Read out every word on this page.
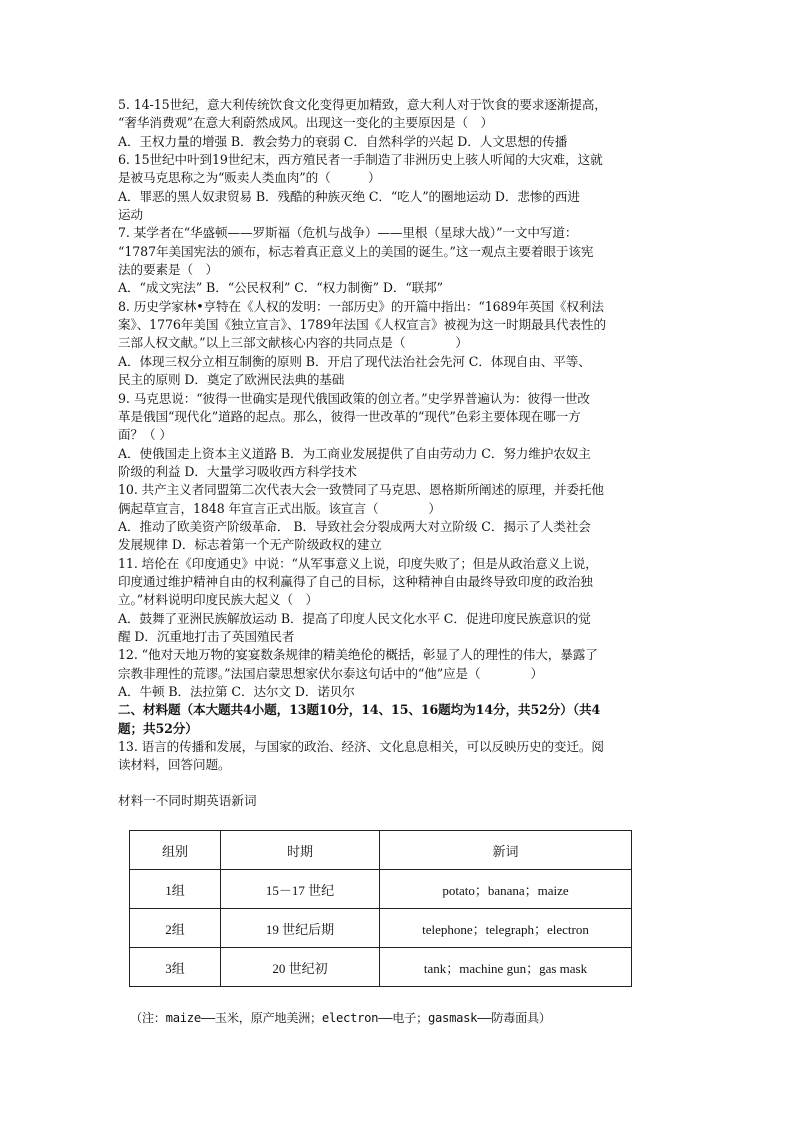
5. 14-15世纪，意大利传统饮食文化变得更加精致，意大利人对于饮食的要求逐渐提高，
“奢华消费观”在意大利蔚然成风。出现这一变化的主要原因是（　）
A．王权力量的增强 B．教会势力的衰弱 C．自然科学的兴起 D．人文思想的传播
6. 15世纪中叶到19世纪末，西方殖民者一手制造了非洲历史上骇人听闻的大灾难，这就
是被马克思称之为“贩卖人类血肉”的（　　　）
A．罪恶的黑人奴隶贸易 B．残酷的种族灭绝 C．“吃人”的圈地运动 D．悲惨的西进
运动
7. 某学者在“华盛顿——罗斯福（危机与战争）——里根（星球大战）”一文中写道：
“1787年美国宪法的颁布，标志着真正意义上的美国的诞生。”这一观点主要着眼于该宪
法的要素是（　）
A．“成文宪法” B．“公民权利” C．“权力制衡” D．“联邦”
8. 历史学家林•亨特在《人权的发明：一部历史》的开篇中指出：“1689年英国《权利法
案》、1776年美国《独立宣言》、1789年法国《人权宣言》被视为这一时期最具代表性的
三部人权文献。”以上三部文献核心内容的共同点是（　　　　）
A．体现三权分立相互制衡的原则 B．开启了现代法治社会先河 C．体现自由、平等、
民主的原则 D．奠定了欧洲民法典的基础
9. 马克思说：“彼得一世确实是现代俄国政策的创立者。”史学界普遍认为：彼得一世改
革是俄国“现代化”道路的起点。那么，彼得一世改革的“现代”色彩主要体现在哪一方
面？（ ）
A．使俄国走上资本主义道路 B．为工商业发展提供了自由劳动力 C．努力维护农奴主
阶级的利益 D．大量学习吸收西方科学技术
10. 共产主义者同盟第二次代表大会一致赞同了马克思、恩格斯所阐述的原理，并委托他
俩起草宣言，1848 年宣言正式出版。该宣言（　　　　）
A．推动了欧美资产阶级革命． B．导致社会分裂成两大对立阶级 C．揭示了人类社会
发展规律 D．标志着第一个无产阶级政权的建立
11. 培伦在《印度通史》中说：“从军事意义上说，印度失败了；但是从政治意义上说，
印度通过维护精神自由的权利赢得了自己的目标，这种精神自由最终导致印度的政治独
立。”材料说明印度民族大起义（　）
A．鼓舞了亚洲民族解放运动 B．提高了印度人民文化水平 C．促进印度民族意识的觉
醒 D．沉重地打击了英国殖民者
12. “他对天地万物的宴宴数条规律的精美绝伦的概括，彰显了人的理性的伟大，暴露了
宗教非理性的荒谬。”法国启蒙思想家伏尔泰这句话中的“他”应是（　　　　）
A．牛顿 B．法拉第 C．达尔文 D．诺贝尔
二、材料题（本大题共4小题，13题10分，14、15、16题均为14分，共52分）（共4
题；共52分）
13. 语言的传播和发展，与国家的政治、经济、文化息息相关，可以反映历史的变迁。阅
读材料，回答问题。
材料一不同时期英语新词
组别	时期	新词
1组	15－17 世纪	potato；banana；maize
2组	19 世纪后期	telephone；telegraph；electron
3组	20 世纪初	tank；machine gun；gas mask
（注：maize——玉米，原产地美洲；electron——电子；gasmask——防毒面具）
